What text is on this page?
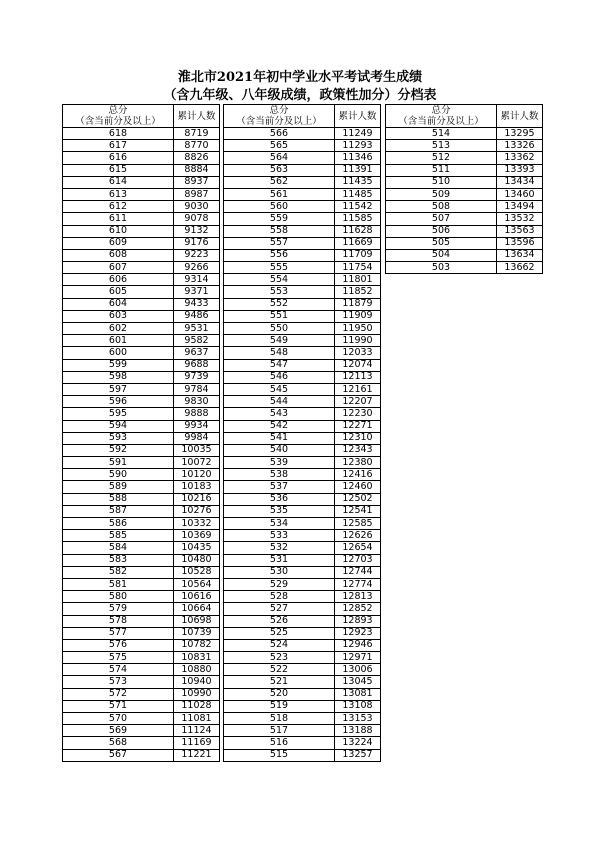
淮北市2021年初中学业水平考试考生成绩
（含九年级、八年级成绩，政策性加分）分档表
总分
（含当前分及以上）	累计人数
618	8719
617	8770
616	8826
615	8884
614	8937
613	8987
612	9030
611	9078
610	9132
609	9176
608	9223
607	9266
606	9314
605	9371
604	9433
603	9486
602	9531
601	9582
600	9637
599	9688
598	9739
597	9784
596	9830
595	9888
594	9934
593	9984
592	10035
591	10072
590	10120
589	10183
588	10216
587	10276
586	10332
585	10369
584	10435
583	10480
582	10528
581	10564
580	10616
579	10664
578	10698
577	10739
576	10782
575	10831
574	10880
573	10940
572	10990
571	11028
570	11081
569	11124
568	11169
567	11221
总分
（含当前分及以上）	累计人数
566	11249
565	11293
564	11346
563	11391
562	11435
561	11485
560	11542
559	11585
558	11628
557	11669
556	11709
555	11754
554	11801
553	11852
552	11879
551	11909
550	11950
549	11990
548	12033
547	12074
546	12113
545	12161
544	12207
543	12230
542	12271
541	12310
540	12343
539	12380
538	12416
537	12460
536	12502
535	12541
534	12585
533	12626
532	12654
531	12703
530	12744
529	12774
528	12813
527	12852
526	12893
525	12923
524	12946
523	12971
522	13006
521	13045
520	13081
519	13108
518	13153
517	13188
516	13224
515	13257
总分
（含当前分及以上）	累计人数
514	13295
513	13326
512	13362
511	13393
510	13434
509	13460
508	13494
507	13532
506	13563
505	13596
504	13634
503	13662
